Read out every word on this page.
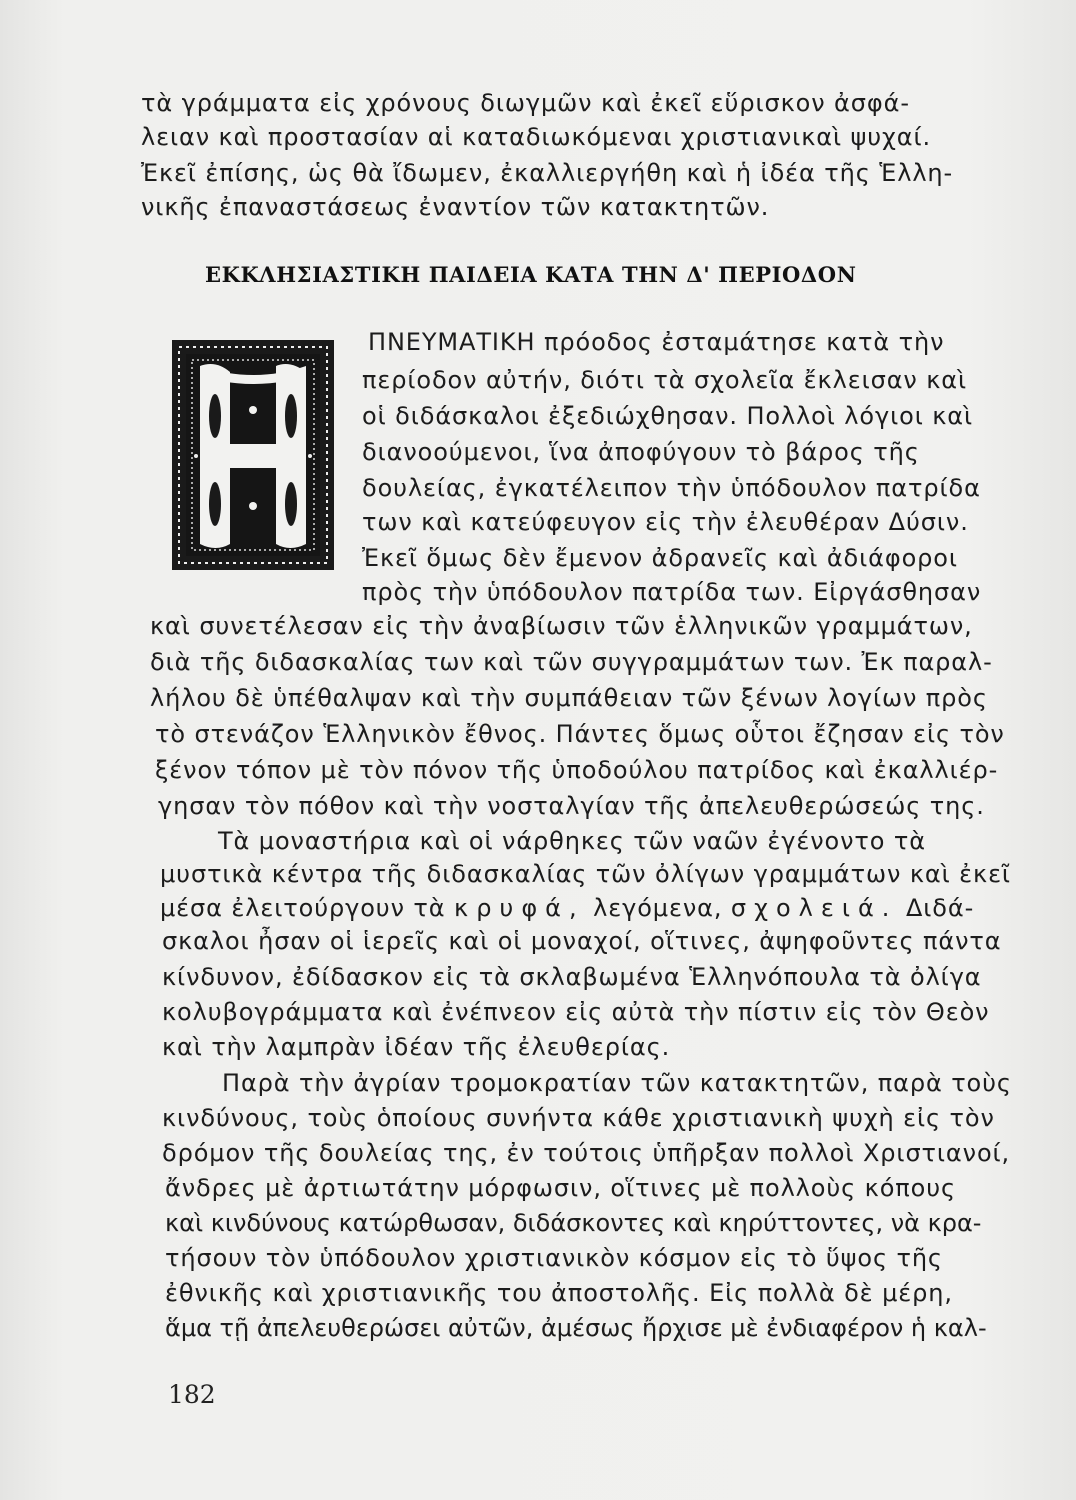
τὰ γράμματα εἰς χρόνους διωγμῶν καὶ ἐκεῖ εὕρισκον ἀσφά-
λειαν καὶ προστασίαν αἱ καταδιωκόμεναι χριστιανικαὶ ψυχαί.
Ἐκεῖ ἐπίσης, ὡς θὰ ἴδωμεν, ἐκαλλιεργήθη καὶ ἡ ἰδέα τῆς Ἑλλη-
νικῆς ἐπαναστάσεως ἐναντίον τῶν κατακτητῶν.
ΕΚΚΛΗΣΙΑΣΤΙΚΗ ΠΑΙΔΕΙΑ ΚΑΤΑ ΤΗΝ Δ' ΠΕΡΙΟΔΟΝ
ΠΝΕΥΜΑΤΙΚΗ πρόοδος ἐσταμάτησε κατὰ τὴν
περίοδον αὐτήν, διότι τὰ σχολεῖα ἔκλεισαν καὶ
οἱ διδάσκαλοι ἐξεδιώχθησαν. Πολλοὶ λόγιοι καὶ
διανοούμενοι, ἵνα ἀποφύγουν τὸ βάρος τῆς
δουλείας, ἐγκατέλειπον τὴν ὑπόδουλον πατρίδα
των καὶ κατεύφευγον εἰς τὴν ἐλευθέραν Δύσιν.
Ἐκεῖ ὅμως δὲν ἔμενον ἀδρανεῖς καὶ ἀδιάφοροι
πρὸς τὴν ὑπόδουλον πατρίδα των. Εἰργάσθησαν
καὶ συνετέλεσαν εἰς τὴν ἀναβίωσιν τῶν ἑλληνικῶν γραμμάτων,
διὰ τῆς διδασκαλίας των καὶ τῶν συγγραμμάτων των. Ἐκ παραλ-
λήλου δὲ ὑπέθαλψαν καὶ τὴν συμπάθειαν τῶν ξένων λογίων πρὸς
τὸ στενάζον Ἑλληνικὸν ἔθνος. Πάντες ὅμως οὗτοι ἔζησαν εἰς τὸν
ξένον τόπον μὲ τὸν πόνον τῆς ὑποδούλου πατρίδος καὶ ἐκαλλιέρ-
γησαν τὸν πόθον καὶ τὴν νοσταλγίαν τῆς ἀπελευθερώσεώς της.
Τὰ μοναστήρια καὶ οἱ νάρθηκες τῶν ναῶν ἐγένοντο τὰ
μυστικὰ κέντρα τῆς διδασκαλίας τῶν ὀλίγων γραμμάτων καὶ ἐκεῖ
μέσα ἐλειτούργουν τὰ κρυφά, λεγόμενα, σχολειά. Διδά-
σκαλοι ἦσαν οἱ ἱερεῖς καὶ οἱ μοναχοί, οἵτινες, ἀψηφοῦντες πάντα
κίνδυνον, ἐδίδασκον εἰς τὰ σκλαβωμένα Ἑλληνόπουλα τὰ ὀλίγα
κολυβογράμματα καὶ ἐνέπνεον εἰς αὐτὰ τὴν πίστιν εἰς τὸν Θεὸν
καὶ τὴν λαμπρὰν ἰδέαν τῆς ἐλευθερίας.
Παρὰ τὴν ἀγρίαν τρομοκρατίαν τῶν κατακτητῶν, παρὰ τοὺς
κινδύνους, τοὺς ὁποίους συνήντα κάθε χριστιανικὴ ψυχὴ εἰς τὸν
δρόμον τῆς δουλείας της, ἐν τούτοις ὑπῆρξαν πολλοὶ Χριστιανοί,
ἄνδρες μὲ ἀρτιωτάτην μόρφωσιν, οἵτινες μὲ πολλοὺς κόπους
καὶ κινδύνους κατώρθωσαν, διδάσκοντες καὶ κηρύττοντες, νὰ κρα-
τήσουν τὸν ὑπόδουλον χριστιανικὸν κόσμον εἰς τὸ ὕψος τῆς
ἐθνικῆς καὶ χριστιανικῆς του ἀποστολῆς. Εἰς πολλὰ δὲ μέρη,
ἅμα τῇ ἀπελευθερώσει αὐτῶν, ἀμέσως ἤρχισε μὲ ἐνδιαφέρον ἡ καλ-
182
